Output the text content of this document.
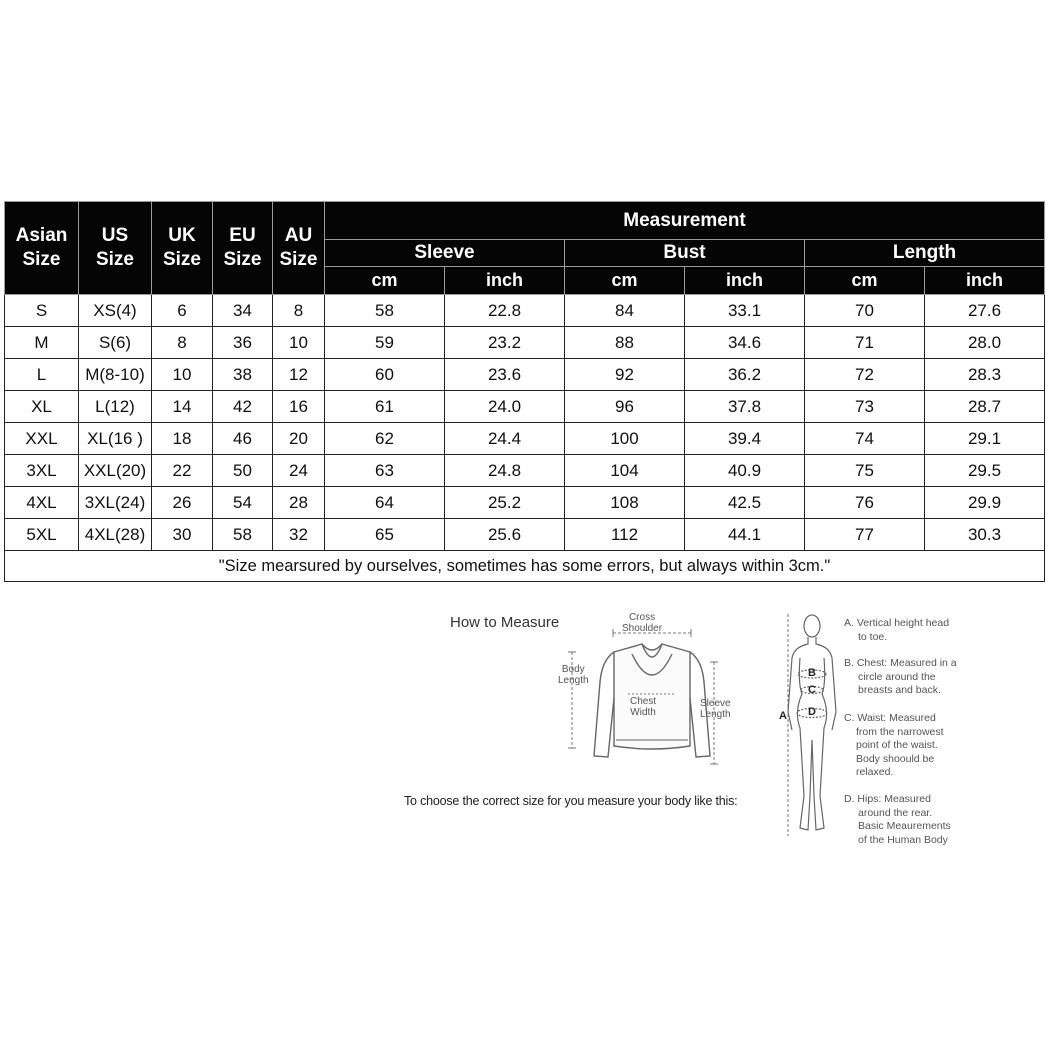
Asian
Size	US
Size	UK
Size	EU
Size	AU
Size	Measurement					
					Sleeve		Bust		Length	
					cm	inch	cm	inch	cm	inch
S	XS(4)	6	34	8	58	22.8	84	33.1	70	27.6
M	S(6)	8	36	10	59	23.2	88	34.6	71	28.0
L	M(8-10)	10	38	12	60	23.6	92	36.2	72	28.3
XL	L(12)	14	42	16	61	24.0	96	37.8	73	28.7
XXL	XL(16 )	18	46	20	62	24.4	100	39.4	74	29.1
3XL	XXL(20)	22	50	24	63	24.8	104	40.9	75	29.5
4XL	3XL(24)	26	54	28	64	25.2	108	42.5	76	29.9
5XL	4XL(28)	30	58	32	65	25.6	112	44.1	77	30.3
"Size mearsured by ourselves, sometimes has some errors, but always within 3cm."										
How to Measure	Cross
Shoulder
Body
Length
Chest
Width
Sleeve
Length
To choose the correct size for you measure your body like this:
A
B
C
D
A. Vertical height head
to toe.
B. Chest: Measured in a
circle around the
breasts and back.
C. Waist: Measured
from the narrowest
point of the waist.
Body shoould be
relaxed.
D. Hips: Measured
around the rear.
Basic Meaurements
of the Human Body
